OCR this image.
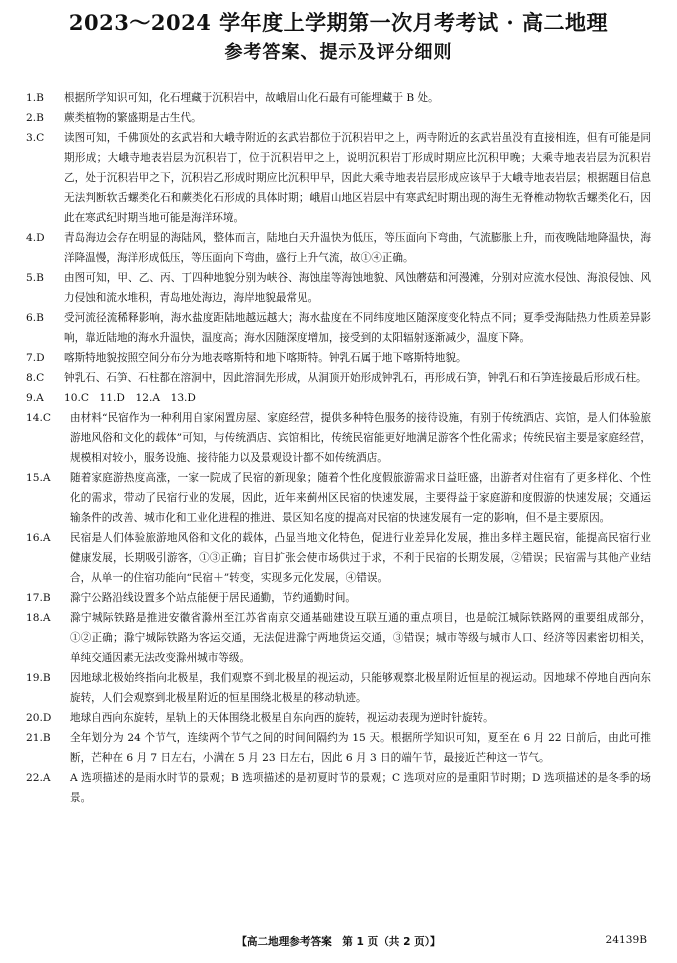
2023～2024 学年度上学期第一次月考考试 · 高二地理
参考答案、提示及评分细则
1.B	根据所学知识可知，化石埋藏于沉积岩中，故峨眉山化石最有可能埋藏于 B 处。
2.B	蕨类植物的繁盛期是古生代。
3.C	读图可知，千佛顶处的玄武岩和大峨寺附近的玄武岩都位于沉积岩甲之上，两寺附近的玄武岩虽没有直接相连，但有可能是同期形成；大峨寺地表岩层为沉积岩丁，位于沉积岩甲之上，说明沉积岩丁形成时期应比沉积甲晚；大乘寺地表岩层为沉积岩乙，处于沉积岩甲之下，沉积岩乙形成时期应比沉积甲早，因此大乘寺地表岩层形成应该早于大峨寺地表岩层；根据题目信息无法判断软舌螺类化石和蕨类化石形成的具体时期；峨眉山地区岩层中有寒武纪时期出现的海生无脊椎动物软舌螺类化石，因此在寒武纪时期当地可能是海洋环境。
4.D	青岛海边会存在明显的海陆风，整体而言，陆地白天升温快为低压，等压面向下弯曲，气流膨胀上升，而夜晚陆地降温快，海洋降温慢，海洋形成低压，等压面向下弯曲，盛行上升气流，故①④正确。
5.B	由图可知，甲、乙、丙、丁四种地貌分别为峡谷、海蚀崖等海蚀地貌、风蚀蘑菇和河漫滩，分别对应流水侵蚀、海浪侵蚀、风力侵蚀和流水堆积，青岛地处海边，海岸地貌最常见。
6.B	受河流径流稀释影响，海水盐度距陆地越远越大；海水盐度在不同纬度地区随深度变化特点不同；夏季受海陆热力性质差异影响，靠近陆地的海水升温快，温度高；海水因随深度增加，接受到的太阳辐射逐渐减少，温度下降。
7.D	喀斯特地貌按照空间分布分为地表喀斯特和地下喀斯特。钟乳石属于地下喀斯特地貌。
8.C	钟乳石、石笋、石柱都在溶洞中，因此溶洞先形成，从洞顶开始形成钟乳石，再形成石笋，钟乳石和石笋连接最后形成石柱。
9.A	10.C　11.D　12.A　13.D
14.C	由材料“民宿作为一种利用自家闲置房屋、家庭经营，提供多种特色服务的接待设施，有别于传统酒店、宾馆，是人们体验旅游地风俗和文化的载体”可知，与传统酒店、宾馆相比，传统民宿能更好地满足游客个性化需求；传统民宿主要是家庭经营，规模相对较小，服务设施、接待能力以及景观设计都不如传统酒店。
15.A	随着家庭游热度高涨，一家一院成了民宿的新现象；随着个性化度假旅游需求日益旺盛，出游者对住宿有了更多样化、个性化的需求，带动了民宿行业的发展，因此，近年来蓟州区民宿的快速发展，主要得益于家庭游和度假游的快速发展；交通运输条件的改善、城市化和工业化进程的推进、景区知名度的提高对民宿的快速发展有一定的影响，但不是主要原因。
16.A	民宿是人们体验旅游地风俗和文化的载体，凸显当地文化特色，促进行业差异化发展，推出多样主题民宿，能提高民宿行业健康发展，长期吸引游客，①③正确；盲目扩张会使市场供过于求，不利于民宿的长期发展，②错误；民宿需与其他产业结合，从单一的住宿功能向“民宿＋”转变，实现多元化发展，④错误。
17.B	滁宁公路沿线设置多个站点能便于居民通勤，节约通勤时间。
18.A	滁宁城际铁路是推进安徽省滁州至江苏省南京交通基础建设互联互通的重点项目，也是皖江城际铁路网的重要组成部分，①②正确；滁宁城际铁路为客运交通，无法促进滁宁两地货运交通，③错误；城市等级与城市人口、经济等因素密切相关，单纯交通因素无法改变滁州城市等级。
19.B	因地球北极始终指向北极星，我们观察不到北极星的视运动，只能够观察北极星附近恒星的视运动。因地球不停地自西向东旋转，人们会观察到北极星附近的恒星围绕北极星的移动轨迹。
20.D	地球自西向东旋转，星轨上的天体围绕北极星自东向西的旋转，视运动表现为逆时针旋转。
21.B	全年划分为 24 个节气，连续两个节气之间的时间间隔约为 15 天。根据所学知识可知，夏至在 6 月 22 日前后，由此可推断，芒种在 6 月 7 日左右，小满在 5 月 23 日左右，因此 6 月 3 日的端午节，最接近芒种这一节气。
22.A	A 选项描述的是雨水时节的景观；B 选项描述的是初夏时节的景观；C 选项对应的是重阳节时期；D 选项描述的是冬季的场景。
【高二地理参考答案　第 1 页（共 2 页）】	24139B
